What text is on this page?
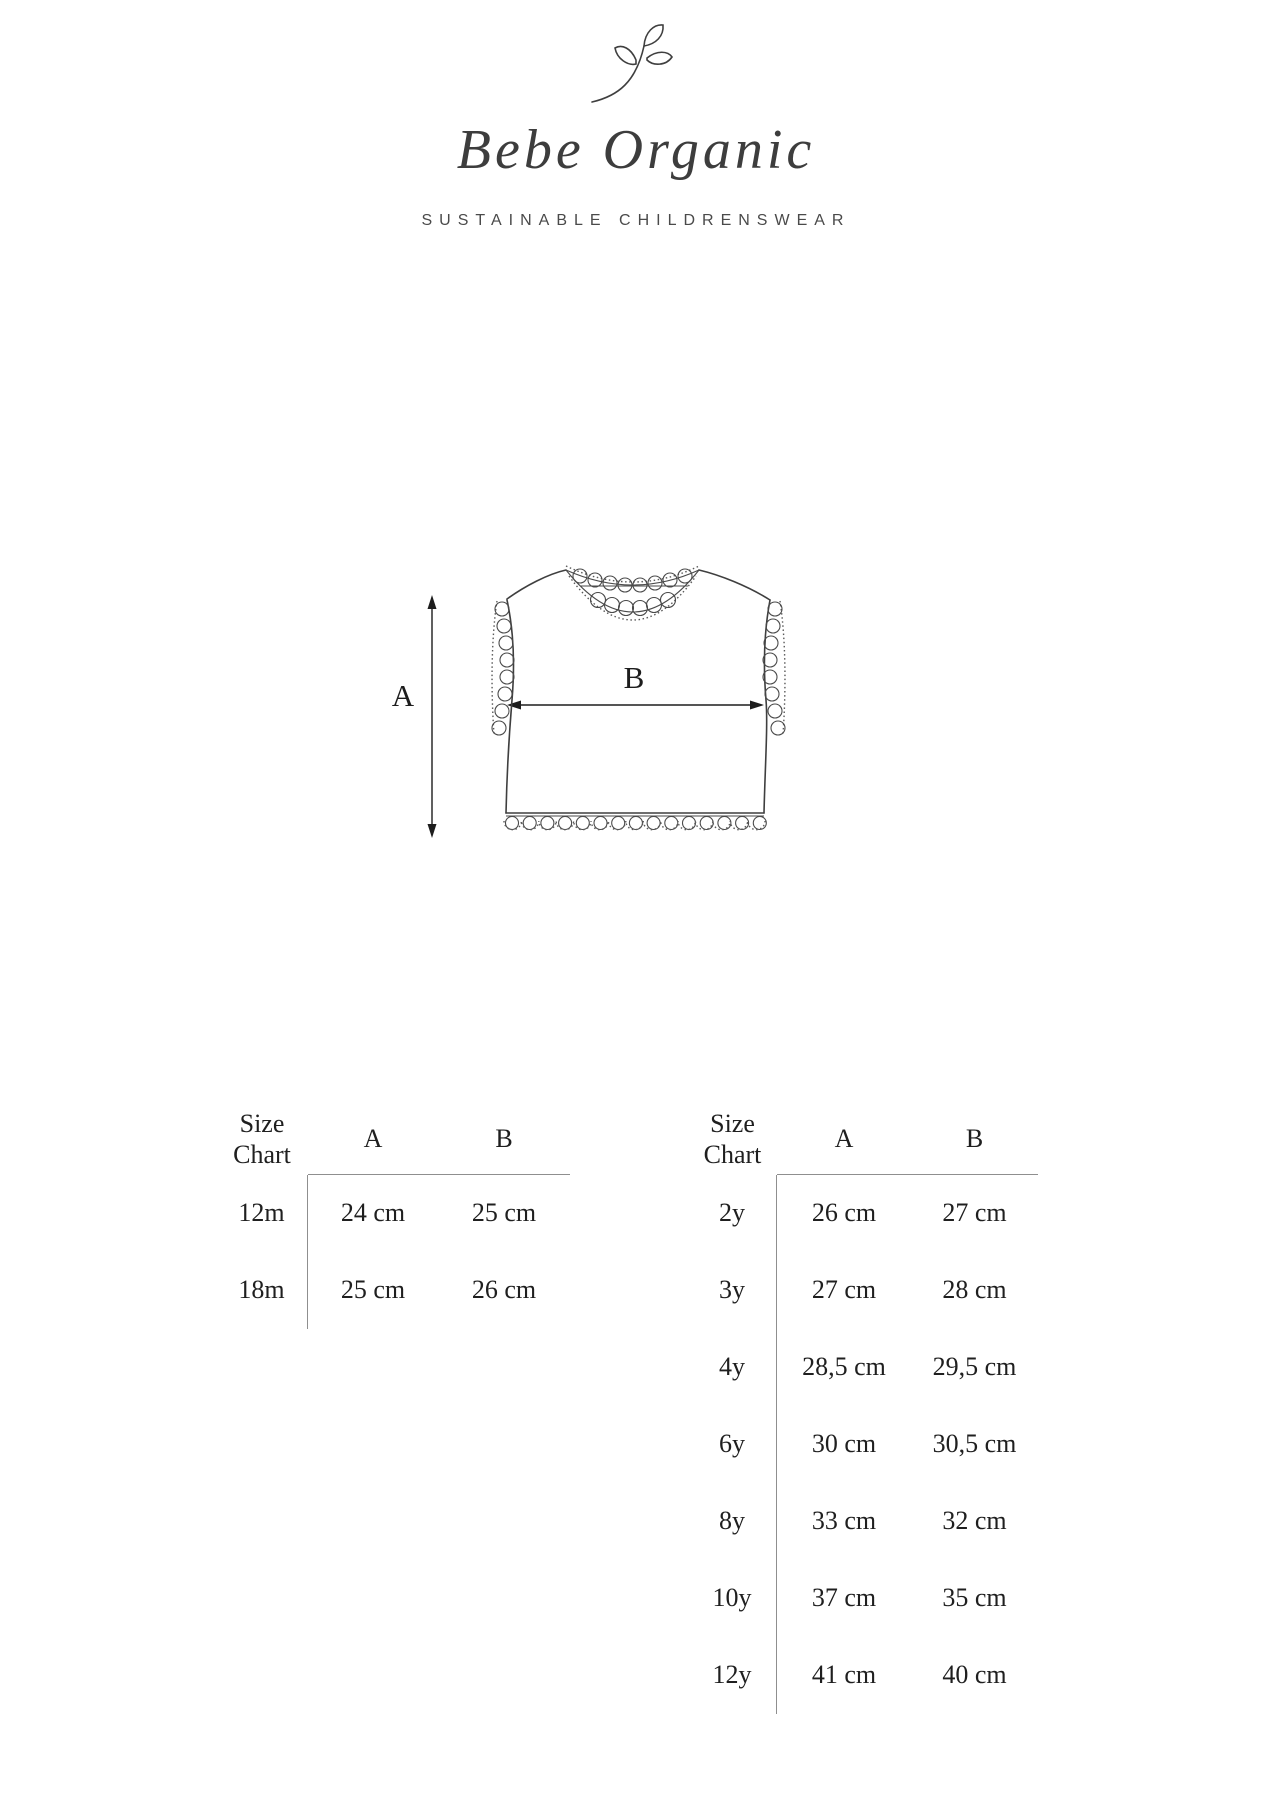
Bebe Organic
SUSTAINABLE CHILDRENSWEAR
A
B
Size Chart
A	B
12m	24 cm	25 cm
18m	25 cm	26 cm
Size Chart
A	B
2y	26 cm	27 cm
3y	27 cm	28 cm
4y	28,5 cm	29,5 cm
6y	30 cm	30,5 cm
8y	33 cm	32 cm
10y	37 cm	35 cm
12y	41 cm	40 cm
